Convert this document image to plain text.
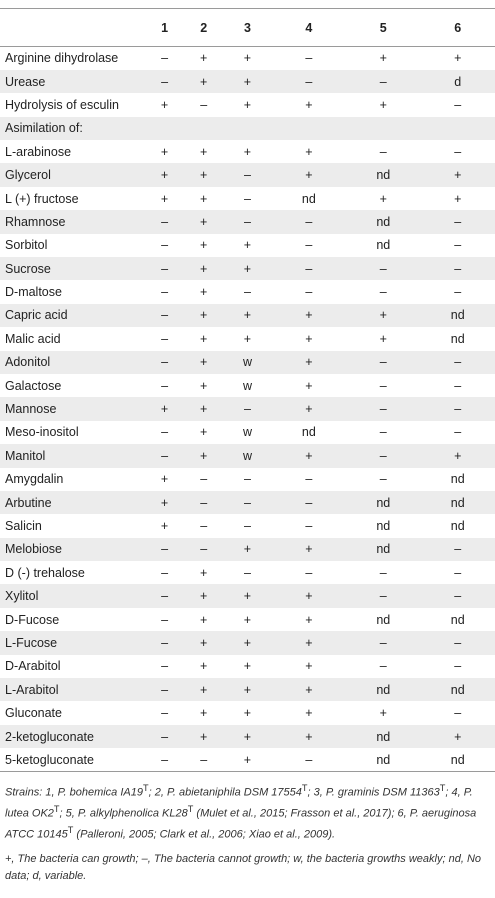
	1	2	3	4	5	6
Arginine dihydrolase	–	+	+	–	+	+
Urease	–	+	+	–	–	d
Hydrolysis of esculin	+	–	+	+	+	–
Asimilation of:						
L-arabinose	+	+	+	+	–	–
Glycerol	+	+	–	+	nd	+
L (+) fructose	+	+	–	nd	+	+
Rhamnose	–	+	–	–	nd	–
Sorbitol	–	+	+	–	nd	–
Sucrose	–	+	+	–	–	–
D-maltose	–	+	–	–	–	–
Capric acid	–	+	+	+	+	nd
Malic acid	–	+	+	+	+	nd
Adonitol	–	+	w	+	–	–
Galactose	–	+	w	+	–	–
Mannose	+	+	–	+	–	–
Meso-inositol	–	+	w	nd	–	–
Manitol	–	+	w	+	–	+
Amygdalin	+	–	–	–	–	nd
Arbutine	+	–	–	–	nd	nd
Salicin	+	–	–	–	nd	nd
Melobiose	–	–	+	+	nd	–
D (-) trehalose	–	+	–	–	–	–
Xylitol	–	+	+	+	–	–
D-Fucose	–	+	+	+	nd	nd
L-Fucose	–	+	+	+	–	–
D-Arabitol	–	+	+	+	–	–
L-Arabitol	–	+	+	+	nd	nd
Gluconate	–	+	+	+	+	–
2-ketogluconate	–	+	+	+	nd	+
5-ketogluconate	–	–	+	–	nd	nd

Strains: 1, P. bohemica $IA19^T$; 2, P. abietaniphila DSM $17554^T$; 3, P. graminis DSM $11363^T$; 4, P. lutea $OK2^T$; 5, P. alkylphenolica $KL28^T$ (Mulet et al., 2015; Frasson et al., 2017); 6, P. aeruginosa ATCC $10145^T$ (Palleroni, 2005; Clark et al., 2006; Xiao et al., 2009).

+, The bacteria can growth; –, The bacteria cannot growth; w, the bacteria growths weakly; nd, No data; d, variable.
